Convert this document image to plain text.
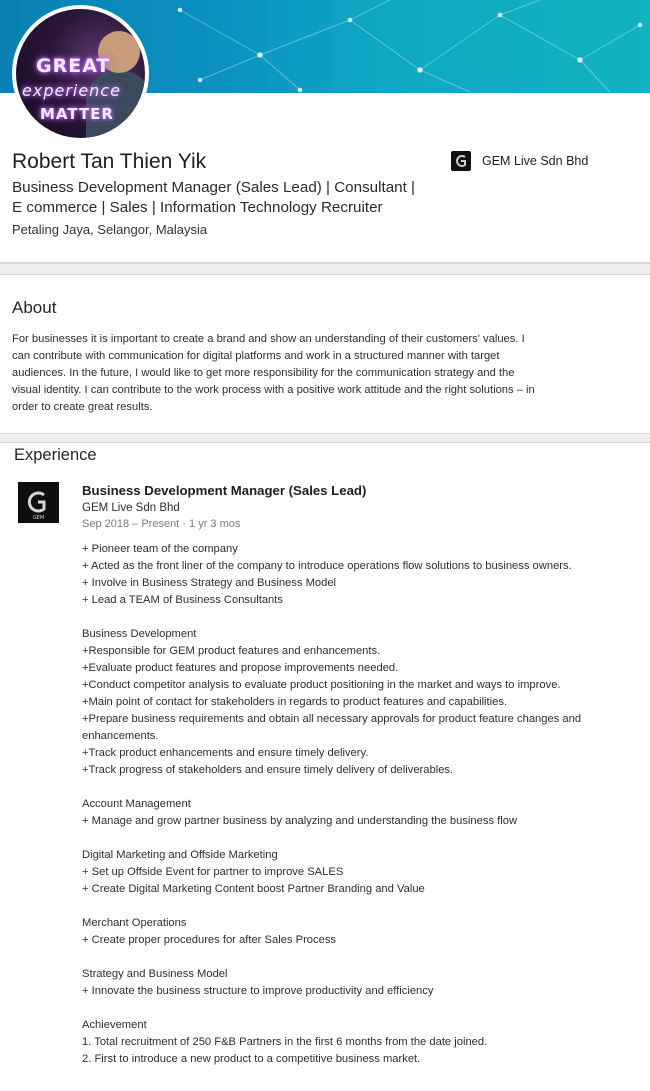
GREAT
experience
MATTER
Robert Tan Thien Yik
Business Development Manager (Sales Lead) | Consultant | E commerce | Sales | Information Technology Recruiter
Petaling Jaya, Selangor, Malaysia
GEM Live Sdn Bhd
About
For businesses it is important to create a brand and show an understanding of their customers' values. I can contribute with communication for digital platforms and work in a structured manner with target audiences. In the future, I would like to get more responsibility for the communication strategy and the visual identity. I can contribute to the work process with a positive work attitude and the right solutions – in order to create great results.
Experience
GEM
Business Development Manager (Sales Lead)
GEM Live Sdn Bhd
Sep 2018 – Present · 1 yr 3 mos
+ Pioneer team of the company
+ Acted as the front liner of the company to introduce operations flow solutions to business owners.
+ Involve in Business Strategy and Business Model
+ Lead a TEAM of Business Consultants
Business Development
+Responsible for GEM product features and enhancements.
+Evaluate product features and propose improvements needed.
+Conduct competitor analysis to evaluate product positioning in the market and ways to improve.
+Main point of contact for stakeholders in regards to product features and capabilities.
+Prepare business requirements and obtain all necessary approvals for product feature changes and enhancements.
+Track product enhancements and ensure timely delivery.
+Track progress of stakeholders and ensure timely delivery of deliverables.
Account Management
+ Manage and grow partner business by analyzing and understanding the business flow
Digital Marketing and Offside Marketing
+ Set up Offside Event for partner to improve SALES
+ Create Digital Marketing Content boost Partner Branding and Value
Merchant Operations
+ Create proper procedures for after Sales Process
Strategy and Business Model
+ Innovate the business structure to improve productivity and efficiency
Achievement
1. Total recruitment of 250 F&B Partners in the first 6 months from the date joined.
2. First to introduce a new product to a competitive business market.
